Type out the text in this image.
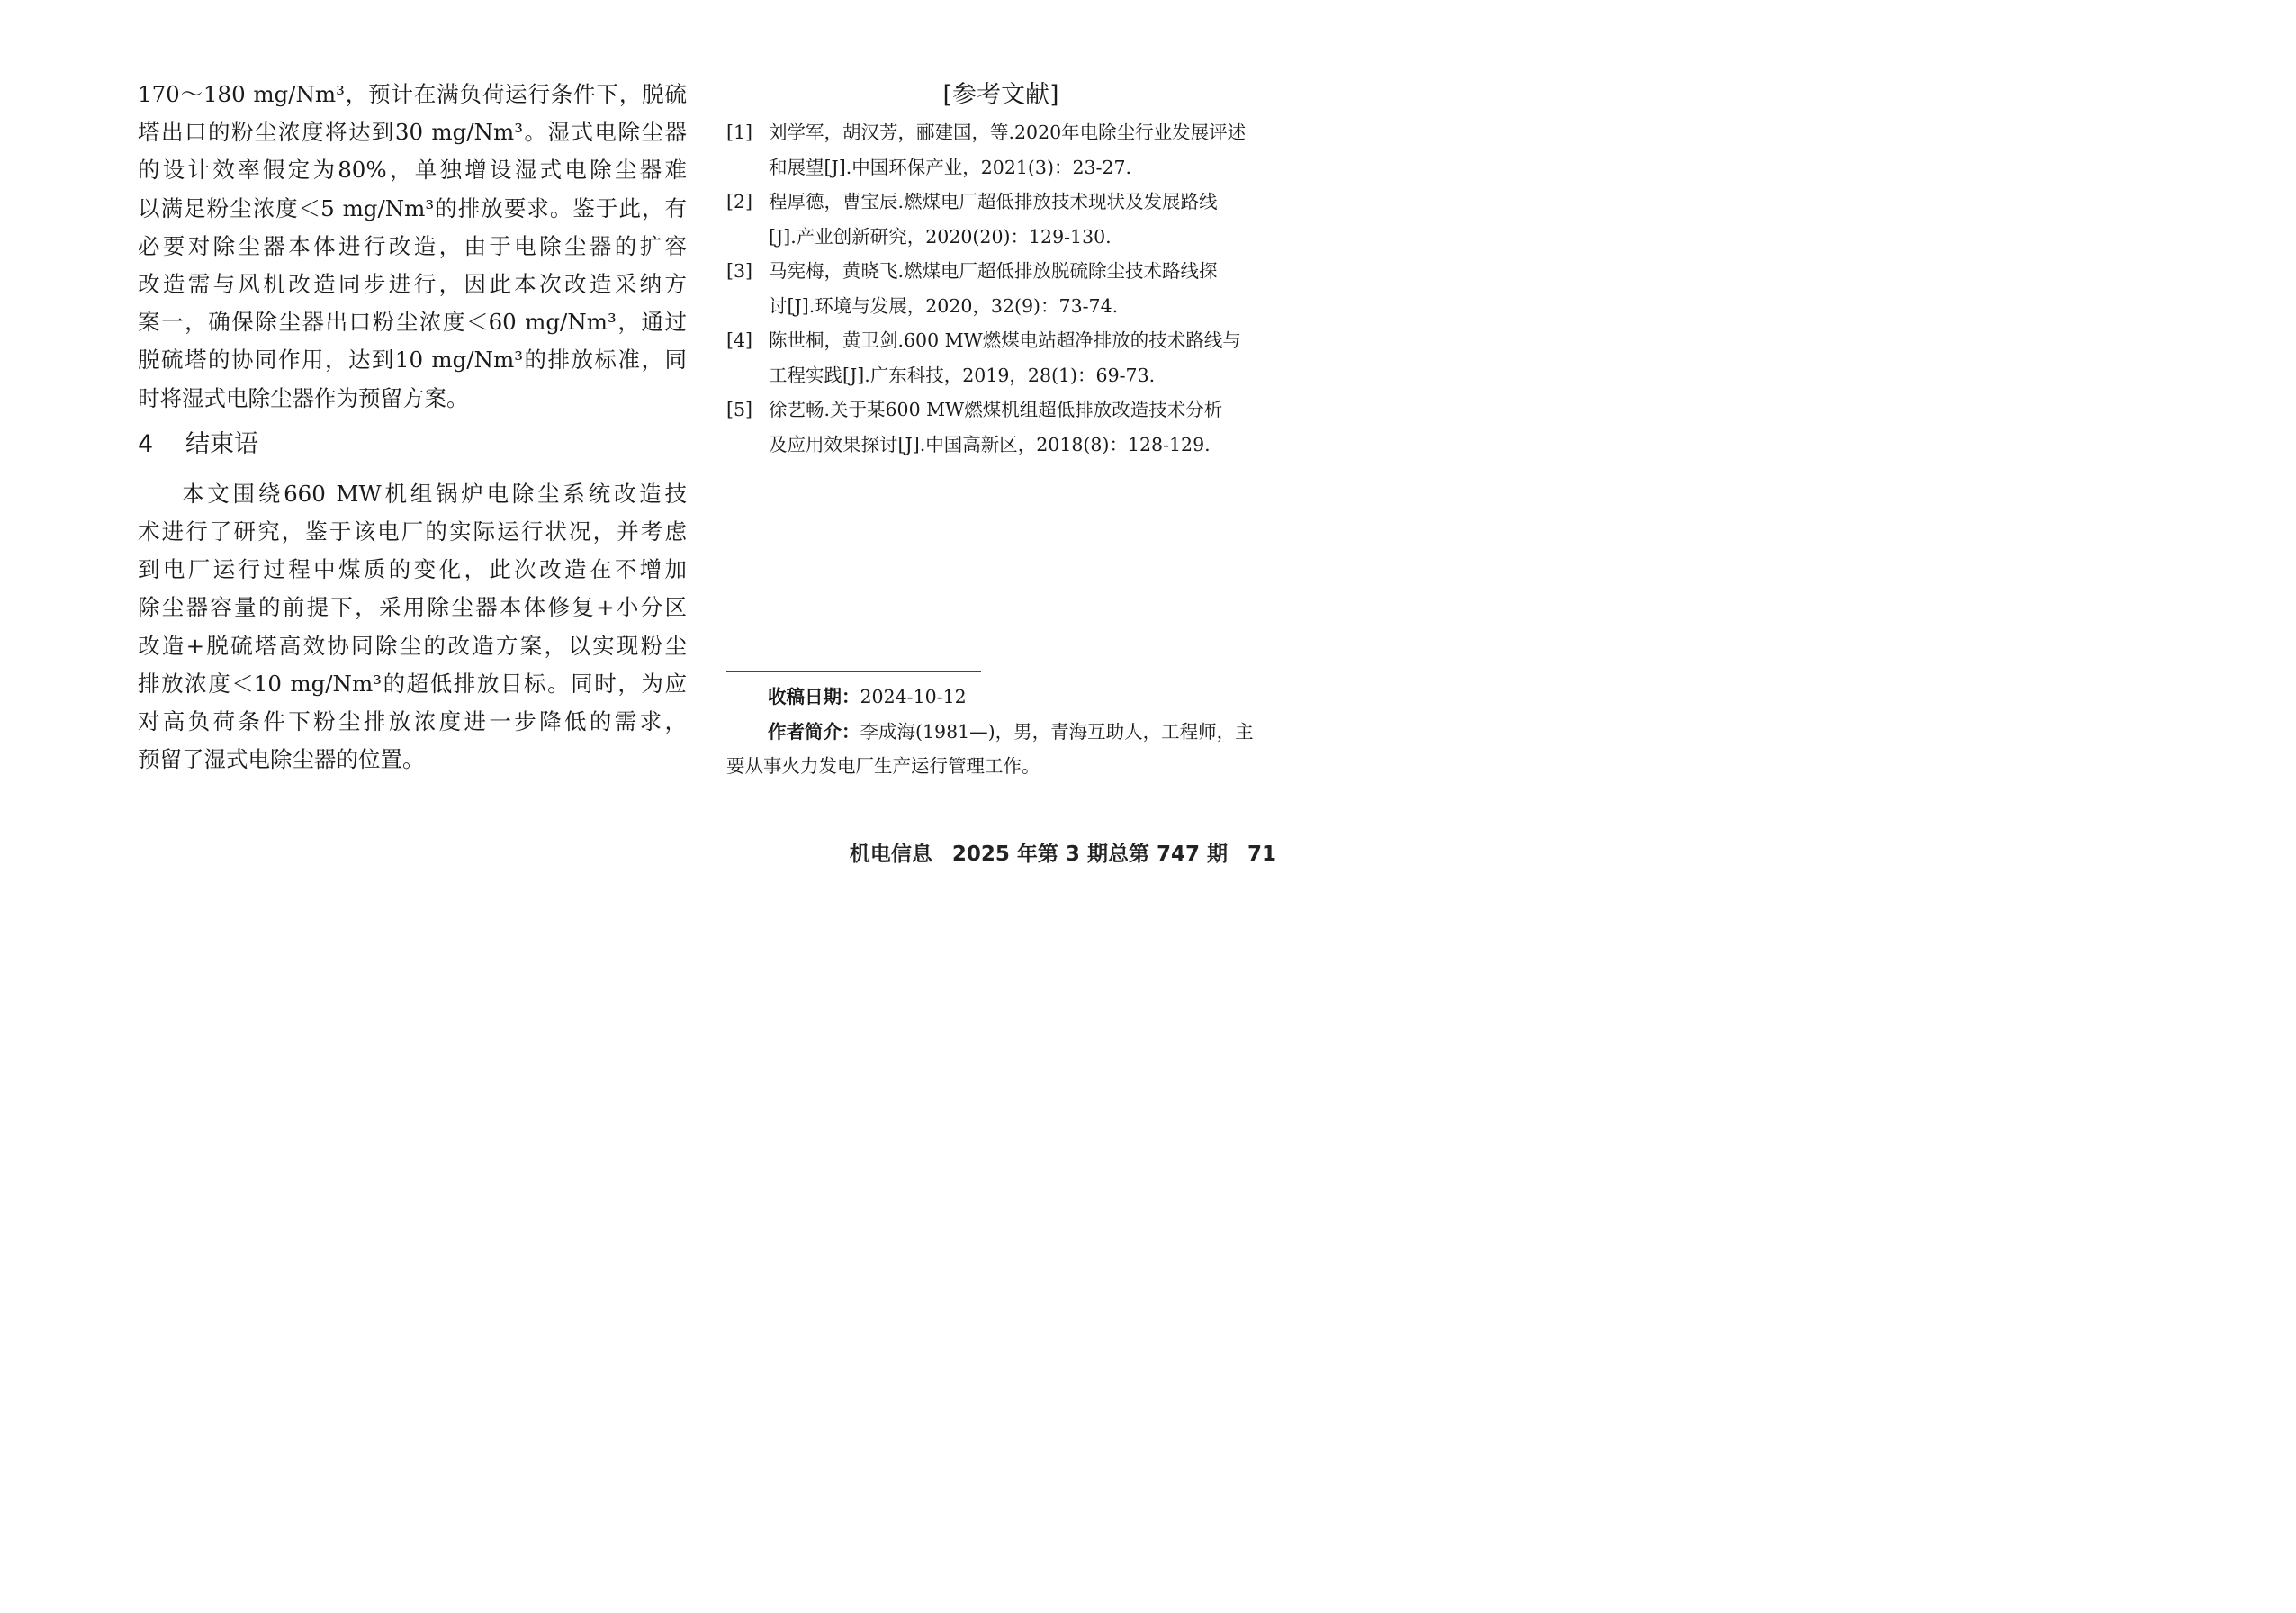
170～180 mg/Nm³，预计在满负荷运行条件下，脱硫
塔出口的粉尘浓度将达到30 mg/Nm³。湿式电除尘器
的设计效率假定为80%，单独增设湿式电除尘器难
以满足粉尘浓度＜5 mg/Nm³的排放要求。鉴于此，有
必要对除尘器本体进行改造，由于电除尘器的扩容
改造需与风机改造同步进行，因此本次改造采纳方
案一，确保除尘器出口粉尘浓度＜60 mg/Nm³，通过
脱硫塔的协同作用，达到10 mg/Nm³的排放标准，同
时将湿式电除尘器作为预留方案。

4	结束语

本文围绕660 MW机组锅炉电除尘系统改造技
术进行了研究，鉴于该电厂的实际运行状况，并考虑
到电厂运行过程中煤质的变化，此次改造在不增加
除尘器容量的前提下，采用除尘器本体修复+小分区
改造+脱硫塔高效协同除尘的改造方案，以实现粉尘
排放浓度＜10 mg/Nm³的超低排放目标。同时，为应
对高负荷条件下粉尘排放浓度进一步降低的需求，
预留了湿式电除尘器的位置。

[参考文献]
[1] 刘学军，胡汉芳，郦建国，等.2020年电除尘行业发展评述
和展望[J].中国环保产业，2021(3)：23-27.
[2] 程厚德，曹宝辰.燃煤电厂超低排放技术现状及发展路线
[J].产业创新研究，2020(20)：129-130.
[3] 马宪梅，黄晓飞.燃煤电厂超低排放脱硫除尘技术路线探
讨[J].环境与发展，2020，32(9)：73-74.
[4] 陈世桐，黄卫剑.600 MW燃煤电站超净排放的技术路线与
工程实践[J].广东科技，2019，28(1)：69-73.
[5] 徐艺畅.关于某600 MW燃煤机组超低排放改造技术分析
及应用效果探讨[J].中国高新区，2018(8)：128-129.
收稿日期：2024-10-12
作者简介：李成海(1981—)，男，青海互助人，工程师，主
要从事火力发电厂生产运行管理工作。
机电信息 2025 年第 3 期总第 747 期 71
